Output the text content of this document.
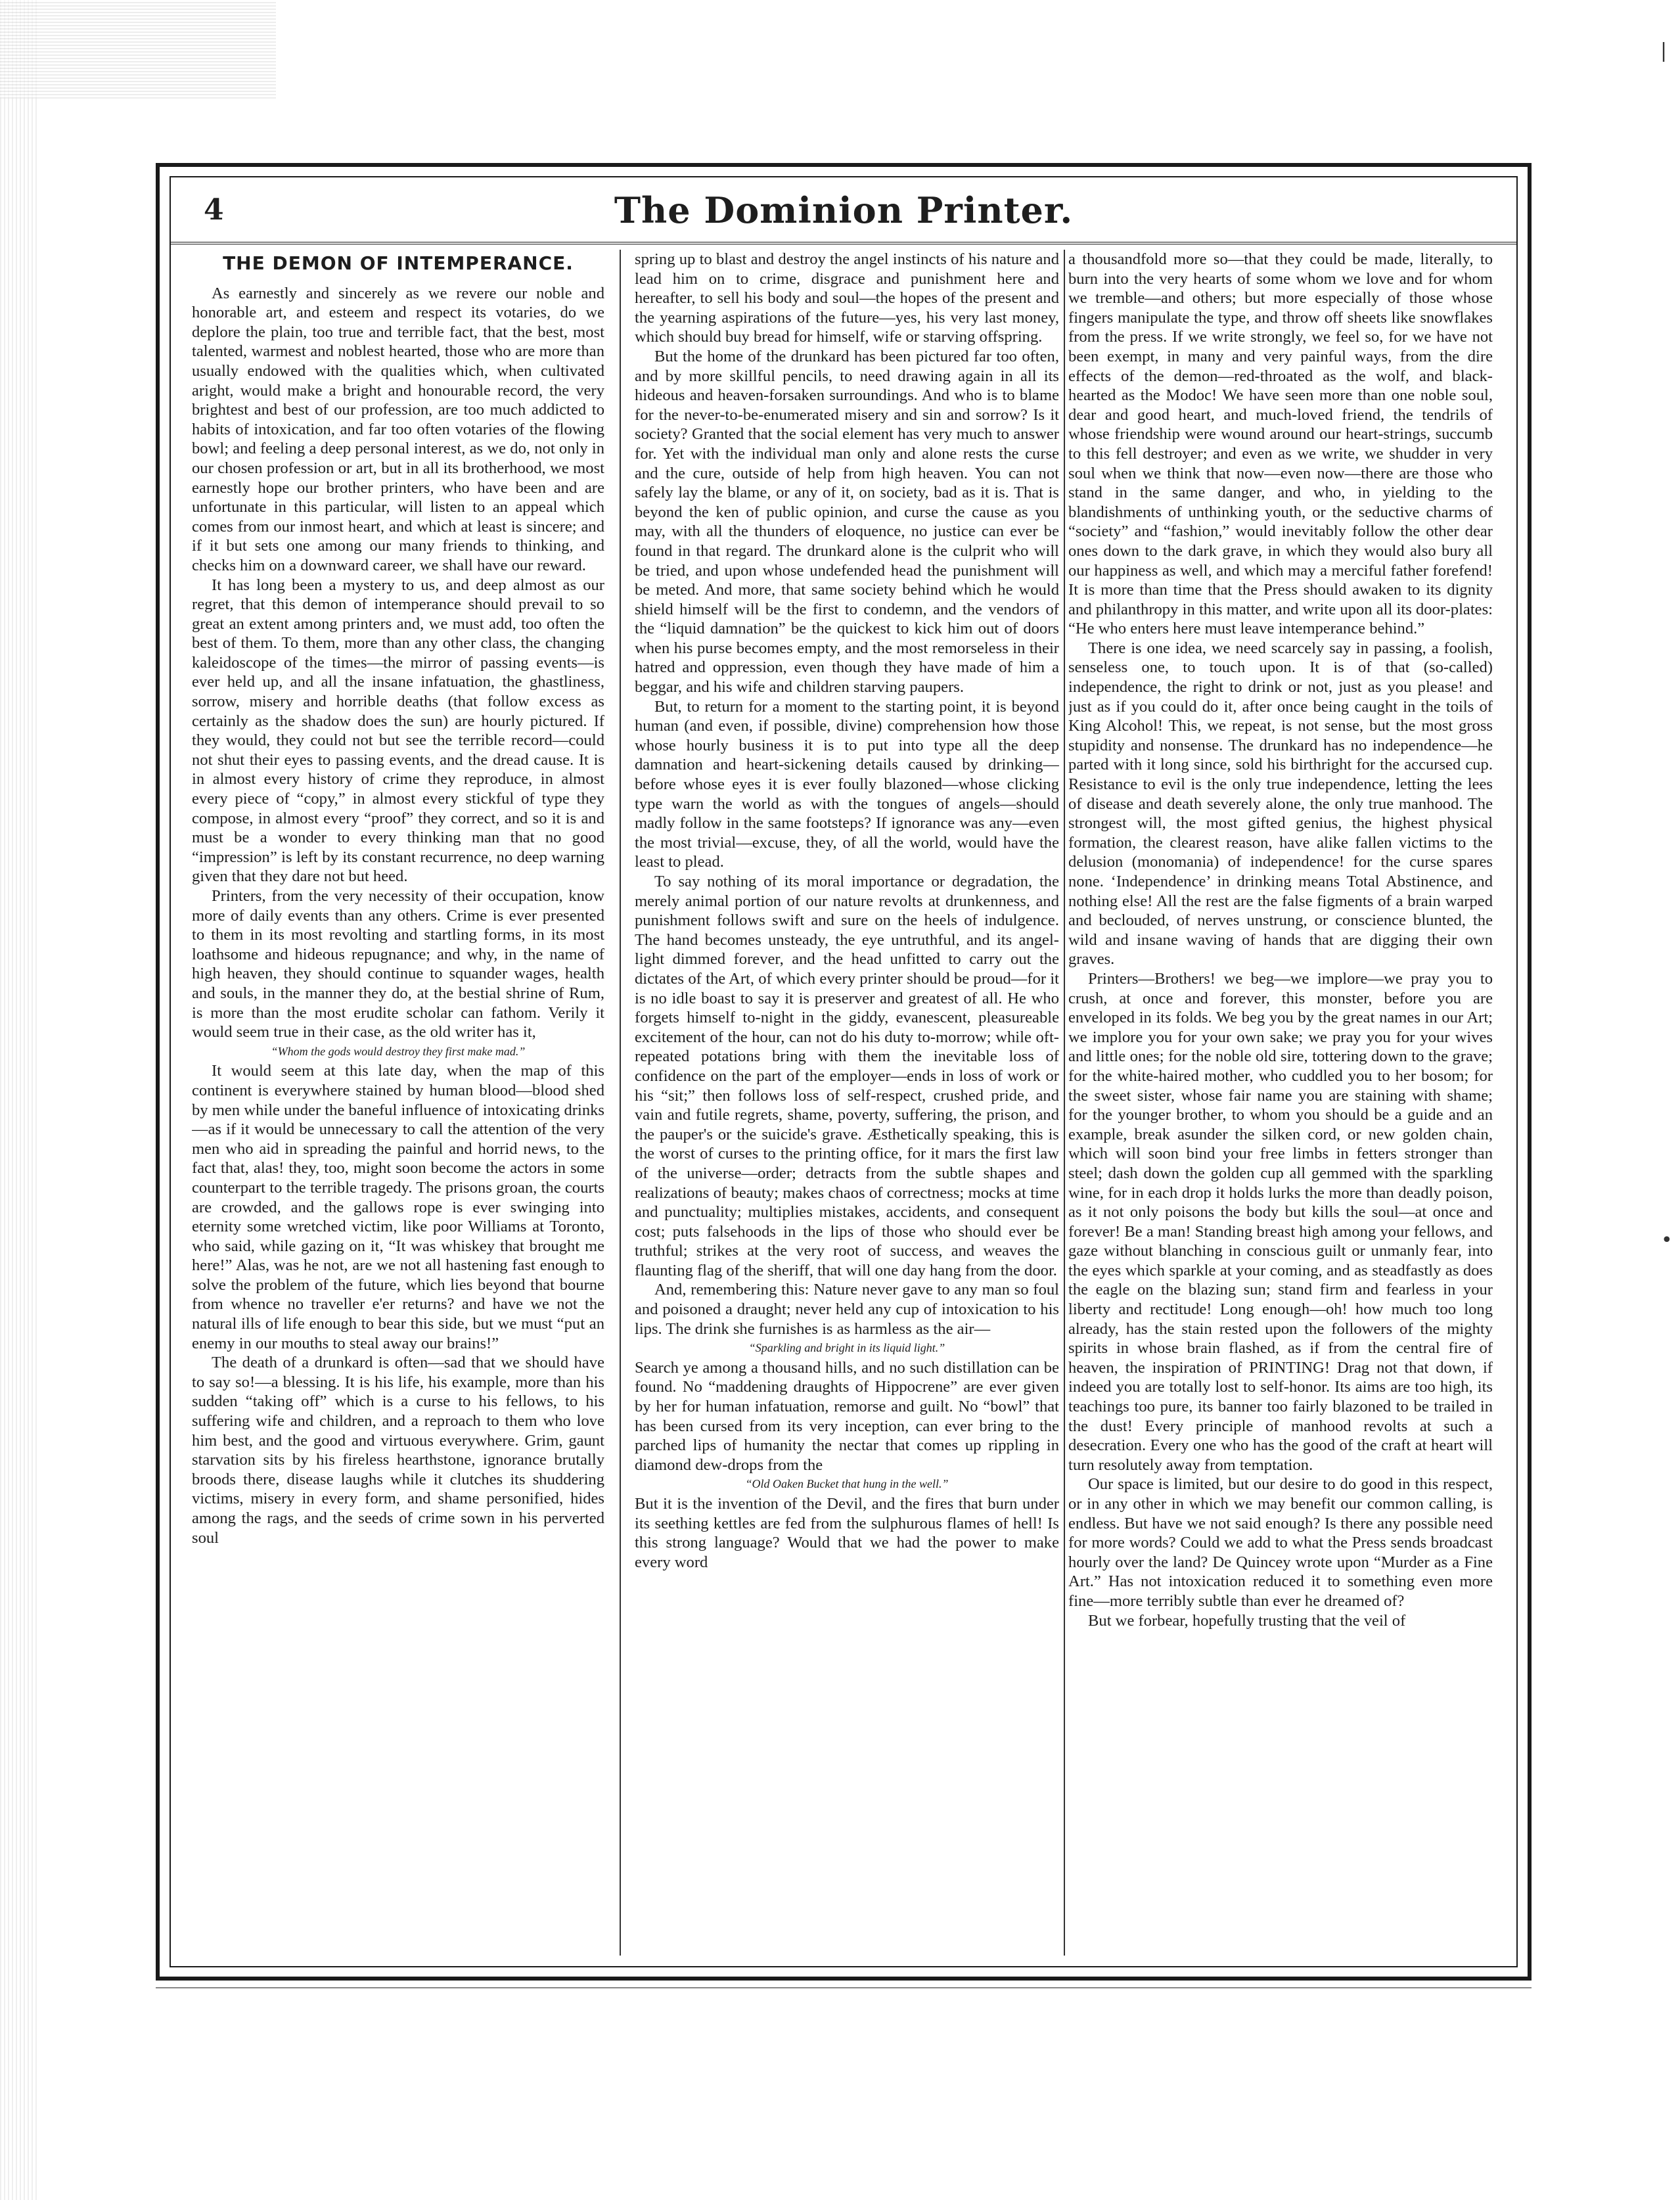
|
•
4	The Dominion Printer.
THE DEMON OF INTEMPERANCE.

As earnestly and sincerely as we revere our noble and honorable art, and esteem and respect its votaries, do we deplore the plain, too true and terrible fact, that the best, most talented, warmest and noblest hearted, those who are more than usually endowed with the qualities which, when cultivated aright, would make a bright and honourable record, the very brightest and best of our profession, are too much addicted to habits of intoxication, and far too often votaries of the flowing bowl; and feeling a deep personal interest, as we do, not only in our chosen profession or art, but in all its brotherhood, we most earnestly hope our brother printers, who have been and are unfortunate in this particular, will listen to an appeal which comes from our inmost heart, and which at least is sincere; and if it but sets one among our many friends to thinking, and checks him on a downward career, we shall have our reward.

It has long been a mystery to us, and deep almost as our regret, that this demon of intemperance should prevail to so great an extent among printers and, we must add, too often the best of them. To them, more than any other class, the changing kaleidoscope of the times—the mirror of passing events—is ever held up, and all the insane infatuation, the ghastliness, sorrow, misery and horrible deaths (that follow excess as certainly as the shadow does the sun) are hourly pictured. If they would, they could not but see the terrible record—could not shut their eyes to passing events, and the dread cause. It is in almost every history of crime they reproduce, in almost every piece of “copy,” in almost every stickful of type they compose, in almost every “proof” they correct, and so it is and must be a wonder to every thinking man that no good “impression” is left by its constant recurrence, no deep warning given that they dare not but heed.

Printers, from the very necessity of their occupation, know more of daily events than any others. Crime is ever presented to them in its most revolting and startling forms, in its most loathsome and hideous repugnance; and why, in the name of high heaven, they should continue to squander wages, health and souls, in the manner they do, at the bestial shrine of Rum, is more than the most erudite scholar can fathom. Verily it would seem true in their case, as the old writer has it,

“Whom the gods would destroy they first make mad.”

It would seem at this late day, when the map of this continent is everywhere stained by human blood—blood shed by men while under the baneful influence of intoxicating drinks—as if it would be unnecessary to call the attention of the very men who aid in spreading the painful and horrid news, to the fact that, alas! they, too, might soon become the actors in some counterpart to the terrible tragedy. The prisons groan, the courts are crowded, and the gallows rope is ever swinging into eternity some wretched victim, like poor Williams at Toronto, who said, while gazing on it, “It was whiskey that brought me here!” Alas, was he not, are we not all hastening fast enough to solve the problem of the future, which lies beyond that bourne from whence no traveller e'er returns? and have we not the natural ills of life enough to bear this side, but we must “put an enemy in our mouths to steal away our brains!”

The death of a drunkard is often—sad that we should have to say so!—a blessing. It is his life, his example, more than his sudden “taking off” which is a curse to his fellows, to his suffering wife and children, and a reproach to them who love him best, and the good and virtuous everywhere. Grim, gaunt starvation sits by his fireless hearthstone, ignorance brutally broods there, disease laughs while it clutches its shuddering victims, misery in every form, and shame personified, hides among the rags, and the seeds of crime sown in his perverted soul

spring up to blast and destroy the angel instincts of his nature and lead him on to crime, disgrace and punishment here and hereafter, to sell his body and soul—the hopes of the present and the yearning aspirations of the future—yes, his very last money, which should buy bread for himself, wife or starving offspring.

But the home of the drunkard has been pictured far too often, and by more skillful pencils, to need drawing again in all its hideous and heaven-forsaken surroundings. And who is to blame for the never-to-be-enumerated misery and sin and sorrow? Is it society? Granted that the social element has very much to answer for. Yet with the individual man only and alone rests the curse and the cure, outside of help from high heaven. You can not safely lay the blame, or any of it, on society, bad as it is. That is beyond the ken of public opinion, and curse the cause as you may, with all the thunders of eloquence, no justice can ever be found in that regard. The drunkard alone is the culprit who will be tried, and upon whose undefended head the punishment will be meted. And more, that same society behind which he would shield himself will be the first to condemn, and the vendors of the “liquid damnation” be the quickest to kick him out of doors when his purse becomes empty, and the most remorseless in their hatred and oppression, even though they have made of him a beggar, and his wife and children starving paupers.

But, to return for a moment to the starting point, it is beyond human (and even, if possible, divine) comprehension how those whose hourly business it is to put into type all the deep damnation and heart-sickening details caused by drinking—before whose eyes it is ever foully blazoned—whose clicking type warn the world as with the tongues of angels—should madly follow in the same footsteps? If ignorance was any—even the most trivial—excuse, they, of all the world, would have the least to plead.

To say nothing of its moral importance or degradation, the merely animal portion of our nature revolts at drunkenness, and punishment follows swift and sure on the heels of indulgence. The hand becomes unsteady, the eye untruthful, and its angel-light dimmed forever, and the head unfitted to carry out the dictates of the Art, of which every printer should be proud—for it is no idle boast to say it is preserver and greatest of all. He who forgets himself to-night in the giddy, evanescent, pleasureable excitement of the hour, can not do his duty to-morrow; while oft-repeated potations bring with them the inevitable loss of confidence on the part of the employer—ends in loss of work or his “sit;” then follows loss of self-respect, crushed pride, and vain and futile regrets, shame, poverty, suffering, the prison, and the pauper's or the suicide's grave. Æsthetically speaking, this is the worst of curses to the printing office, for it mars the first law of the universe—order; detracts from the subtle shapes and realizations of beauty; makes chaos of correctness; mocks at time and punctuality; multiplies mistakes, accidents, and consequent cost; puts falsehoods in the lips of those who should ever be truthful; strikes at the very root of success, and weaves the flaunting flag of the sheriff, that will one day hang from the door.

And, remembering this: Nature never gave to any man so foul and poisoned a draught; never held any cup of intoxication to his lips. The drink she furnishes is as harmless as the air—

“Sparkling and bright in its liquid light.”

Search ye among a thousand hills, and no such distillation can be found. No “maddening draughts of Hippocrene” are ever given by her for human infatuation, remorse and guilt. No “bowl” that has been cursed from its very inception, can ever bring to the parched lips of humanity the nectar that comes up rippling in diamond dew-drops from the

“Old Oaken Bucket that hung in the well.”

But it is the invention of the Devil, and the fires that burn under its seething kettles are fed from the sulphurous flames of hell! Is this strong language? Would that we had the power to make every word

a thousandfold more so—that they could be made, literally, to burn into the very hearts of some whom we love and for whom we tremble—and others; but more especially of those whose fingers manipulate the type, and throw off sheets like snowflakes from the press. If we write strongly, we feel so, for we have not been exempt, in many and very painful ways, from the dire effects of the demon—red-throated as the wolf, and black-hearted as the Modoc! We have seen more than one noble soul, dear and good heart, and much-loved friend, the tendrils of whose friendship were wound around our heart-strings, succumb to this fell destroyer; and even as we write, we shudder in very soul when we think that now—even now—there are those who stand in the same danger, and who, in yielding to the blandishments of unthinking youth, or the seductive charms of “society” and “fashion,” would inevitably follow the other dear ones down to the dark grave, in which they would also bury all our happiness as well, and which may a merciful father forefend! It is more than time that the Press should awaken to its dignity and philanthropy in this matter, and write upon all its door-plates: “He who enters here must leave intemperance behind.”

There is one idea, we need scarcely say in passing, a foolish, senseless one, to touch upon. It is of that (so-called) independence, the right to drink or not, just as you please! and just as if you could do it, after once being caught in the toils of King Alcohol! This, we repeat, is not sense, but the most gross stupidity and nonsense. The drunkard has no independence—he parted with it long since, sold his birthright for the accursed cup. Resistance to evil is the only true independence, letting the lees of disease and death severely alone, the only true manhood. The strongest will, the most gifted genius, the highest physical formation, the clearest reason, have alike fallen victims to the delusion (monomania) of independence! for the curse spares none. ‘Independence’ in drinking means Total Abstinence, and nothing else! All the rest are the false figments of a brain warped and beclouded, of nerves unstrung, or conscience blunted, the wild and insane waving of hands that are digging their own graves.

Printers—Brothers! we beg—we implore—we pray you to crush, at once and forever, this monster, before you are enveloped in its folds. We beg you by the great names in our Art; we implore you for your own sake; we pray you for your wives and little ones; for the noble old sire, tottering down to the grave; for the white-haired mother, who cuddled you to her bosom; for the sweet sister, whose fair name you are staining with shame; for the younger brother, to whom you should be a guide and an example, break asunder the silken cord, or new golden chain, which will soon bind your free limbs in fetters stronger than steel; dash down the golden cup all gemmed with the sparkling wine, for in each drop it holds lurks the more than deadly poison, as it not only poisons the body but kills the soul—at once and forever! Be a man! Standing breast high among your fellows, and gaze without blanching in conscious guilt or unmanly fear, into the eyes which sparkle at your coming, and as steadfastly as does the eagle on the blazing sun; stand firm and fearless in your liberty and rectitude! Long enough—oh! how much too long already, has the stain rested upon the followers of the mighty spirits in whose brain flashed, as if from the central fire of heaven, the inspiration of PRINTING! Drag not that down, if indeed you are totally lost to self-honor. Its aims are too high, its teachings too pure, its banner too fairly blazoned to be trailed in the dust! Every principle of manhood revolts at such a desecration. Every one who has the good of the craft at heart will turn resolutely away from temptation.

Our space is limited, but our desire to do good in this respect, or in any other in which we may benefit our common calling, is endless. But have we not said enough? Is there any possible need for more words? Could we add to what the Press sends broadcast hourly over the land? De Quincey wrote upon “Murder as a Fine Art.” Has not intoxication reduced it to something even more fine—more terribly subtle than ever he dreamed of?

But we forbear, hopefully trusting that the veil of
